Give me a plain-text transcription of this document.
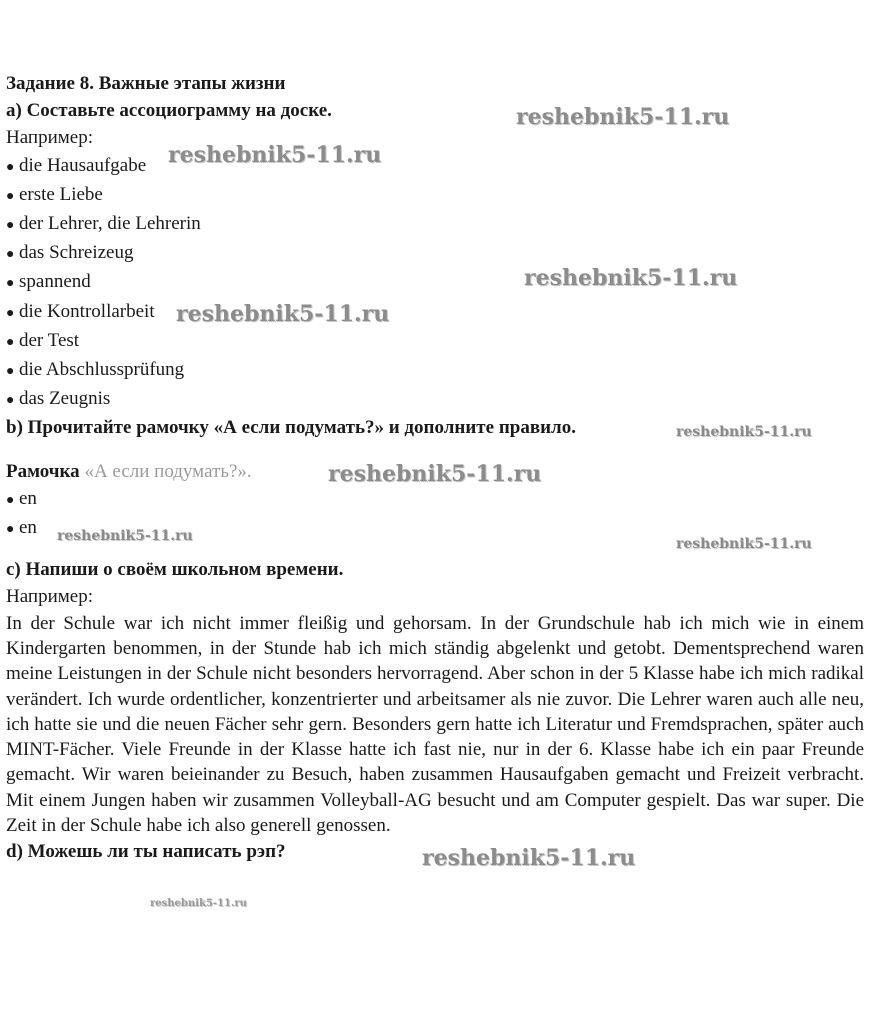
Задание 8. Важные этапы жизни
а) Составьте ассоциограмму на доске.
Например:
● die Hausaufgabe
● erste Liebe
● der Lehrer, die Lehrerin
● das Schreizeug
● spannend
● die Kontrollarbeit
● der Test
● die Abschlussprüfung
● das Zeugnis
b) Прочитайте рамочку «А если подумать?» и дополните правило.
Рамочка «А если подумать?».
● en
● en
c) Напиши о своём школьном времени.
Например:
In der Schule war ich nicht immer fleißig und gehorsam. In der Grundschule hab ich mich wie in einem Kindergarten benommen, in der Stunde hab ich mich ständig abgelenkt und getobt. Dementsprechend waren meine Leistungen in der Schule nicht besonders hervorragend. Aber schon in der 5 Klasse habe ich mich radikal verändert. Ich wurde ordentlicher, konzentrierter und arbeitsamer als nie zuvor. Die Lehrer waren auch alle neu, ich hatte sie und die neuen Fächer sehr gern. Besonders gern hatte ich Literatur und Fremdsprachen, später auch MINT-Fächer. Viele Freunde in der Klasse hatte ich fast nie, nur in der 6. Klasse habe ich ein paar Freunde gemacht. Wir waren beieinander zu Besuch, haben zusammen Hausaufgaben gemacht und Freizeit verbracht. Mit einem Jungen haben wir zusammen Volleyball-AG besucht und am Computer gespielt. Das war super. Die Zeit in der Schule habe ich also generell genossen.
d) Можешь ли ты написать рэп?
reshebnik5-11.ru
reshebnik5-11.ru
reshebnik5-11.ru
reshebnik5-11.ru
reshebnik5-11.ru
reshebnik5-11.ru
reshebnik5-11.ru	reshebnik5-11.ru
reshebnik5-11.ru
reshebnik5-11.ru
